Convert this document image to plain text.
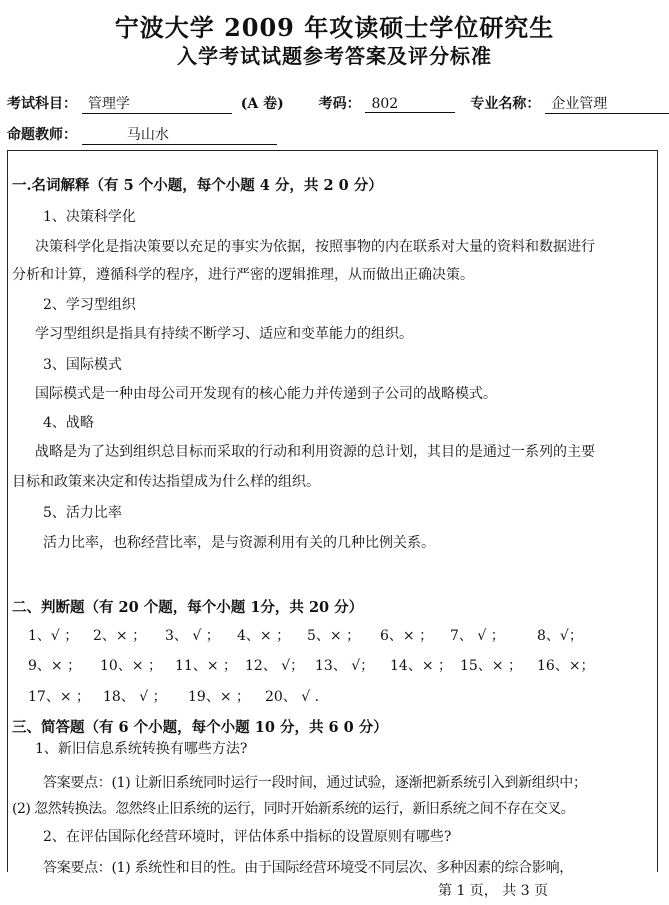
宁波大学 2009 年攻读硕士学位研究生
入学考试试题参考答案及评分标准
考试科目： 管理学	(A 卷) 考码： 802	专业名称： 企业管理
命题教师：	马山水
一.名词解释（有 5 个小题，每个小题 4 分，共 2 0 分）
1、决策科学化
决策科学化是指决策要以充足的事实为依据，按照事物的内在联系对大量的资料和数据进行
分析和计算，遵循科学的程序，进行严密的逻辑推理，从而做出正确决策。
2、学习型组织
学习型组织是指具有持续不断学习、适应和变革能力的组织。
3、国际模式
国际模式是一种由母公司开发现有的核心能力并传递到子公司的战略模式。
4、战略
战略是为了达到组织总目标而采取的行动和利用资源的总计划，其目的是通过一系列的主要
目标和政策来决定和传达指望成为什么样的组织。
5、活力比率
活力比率，也称经营比率，是与资源利用有关的几种比例关系。
二、判断题（有 20 个题，每个小题 1分，共 20 分）
1、√ ； 2、× ； 3、 √ ； 4、× ； 5、× ； 6、× ； 7、 √ ； 8、√；
9、× ； 10、× ； 11、× ； 12、 √； 13、 √； 14、× ； 15、× ； 16、×；
17、× ； 18、 √ ； 19、× ； 20、 √ .
三、简答题（有 6 个小题，每个小题 10 分，共 6 0 分）
1、新旧信息系统转换有哪些方法?
答案要点：(1) 让新旧系统同时运行一段时间，通过试验，逐渐把新系统引入到新组织中；
(2) 忽然转换法。忽然终止旧系统的运行，同时开始新系统的运行，新旧系统之间不存在交叉。
2、在评估国际化经营环境时，评估体系中指标的设置原则有哪些?
答案要点：(1) 系统性和目的性。由于国际经营环境受不同层次、多种因素的综合影响，
第 1 页， 共 3 页
